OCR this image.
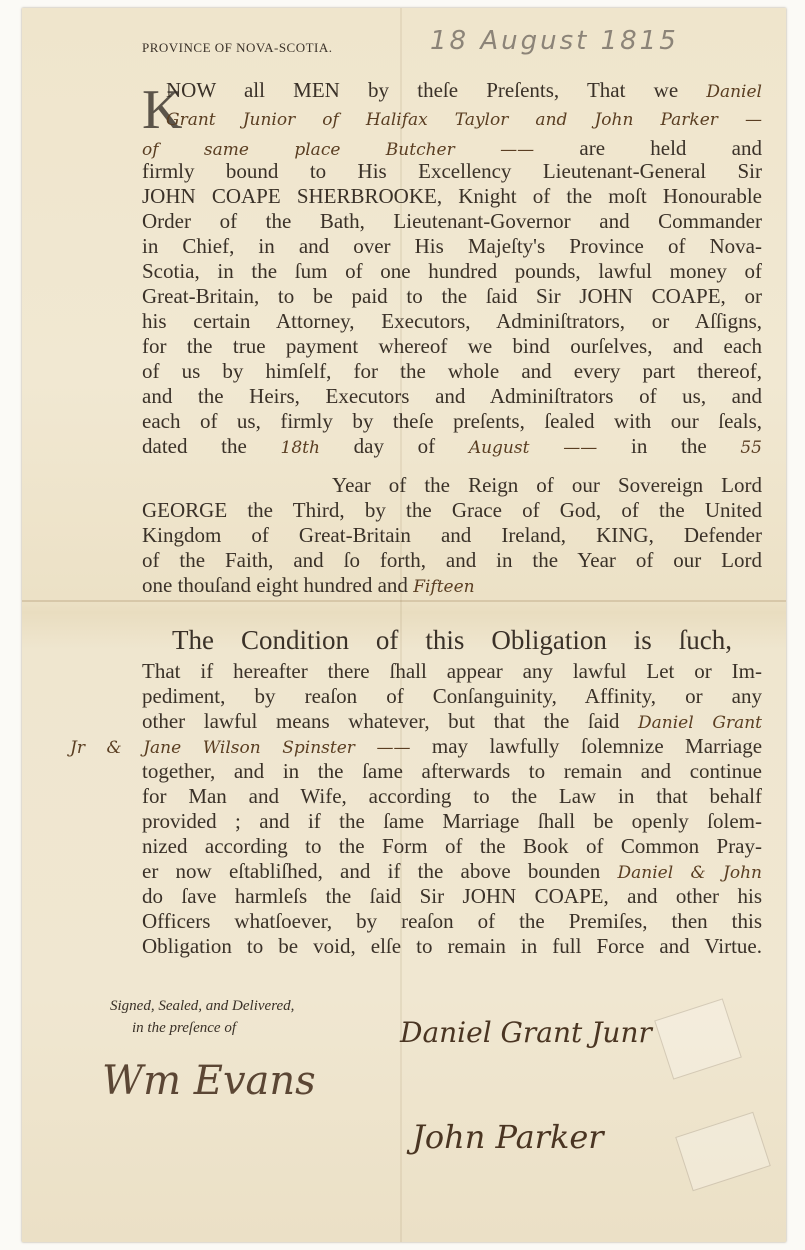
PROVINCE OF NOVA-SCOTIA.	18 August 1815
K
NOW all MEN by theſe Preſents, That we Daniel
Grant Junior of Halifax Taylor and John Parker —
of same place Butcher —— are held and
firmly bound to His Excellency Lieutenant-General Sir
JOHN COAPE SHERBROOKE, Knight of the moſt Honourable
Order of the Bath, Lieutenant-Governor and Commander
in Chief, in and over His Majeſty's Province of Nova-
Scotia, in the ſum of one hundred pounds, lawful money of
Great-Britain, to be paid to the ſaid Sir JOHN COAPE, or
his certain Attorney, Executors, Adminiſtrators, or Aſſigns,
for the true payment whereof we bind ourſelves, and each
of us by himſelf, for the whole and every part thereof,
and the Heirs, Executors and Adminiſtrators of us, and
each of us, firmly by theſe preſents, ſealed with our ſeals,
dated the 18th day of August —— in the 55
Year of the Reign of our Sovereign Lord
GEORGE the Third, by the Grace of God, of the United
Kingdom of Great-Britain and Ireland, KING, Defender
of the Faith, and ſo forth, and in the Year of our Lord
one thouſand eight hundred and Fifteen
The Condition of this Obligation is ſuch,
That if hereafter there ſhall appear any lawful Let or Im-
pediment, by reaſon of Conſanguinity, Affinity, or any
other lawful means whatever, but that the ſaid Daniel Grant
Jr & Jane Wilson Spinster —— may lawfully ſolemnize Marriage
together, and in the ſame afterwards to remain and continue
for Man and Wife, according to the Law in that behalf
provided ; and if the ſame Marriage ſhall be openly ſolem-
nized according to the Form of the Book of Common Pray-
er now eſtabliſhed, and if the above bounden Daniel & John
do ſave harmleſs the ſaid Sir JOHN COAPE, and other his
Officers whatſoever, by reaſon of the Premiſes, then this
Obligation to be void, elſe to remain in full Force and Virtue.
Signed, Sealed, and Delivered,
in the preſence of	Daniel Grant Junr
Wm Evans
John Parker
